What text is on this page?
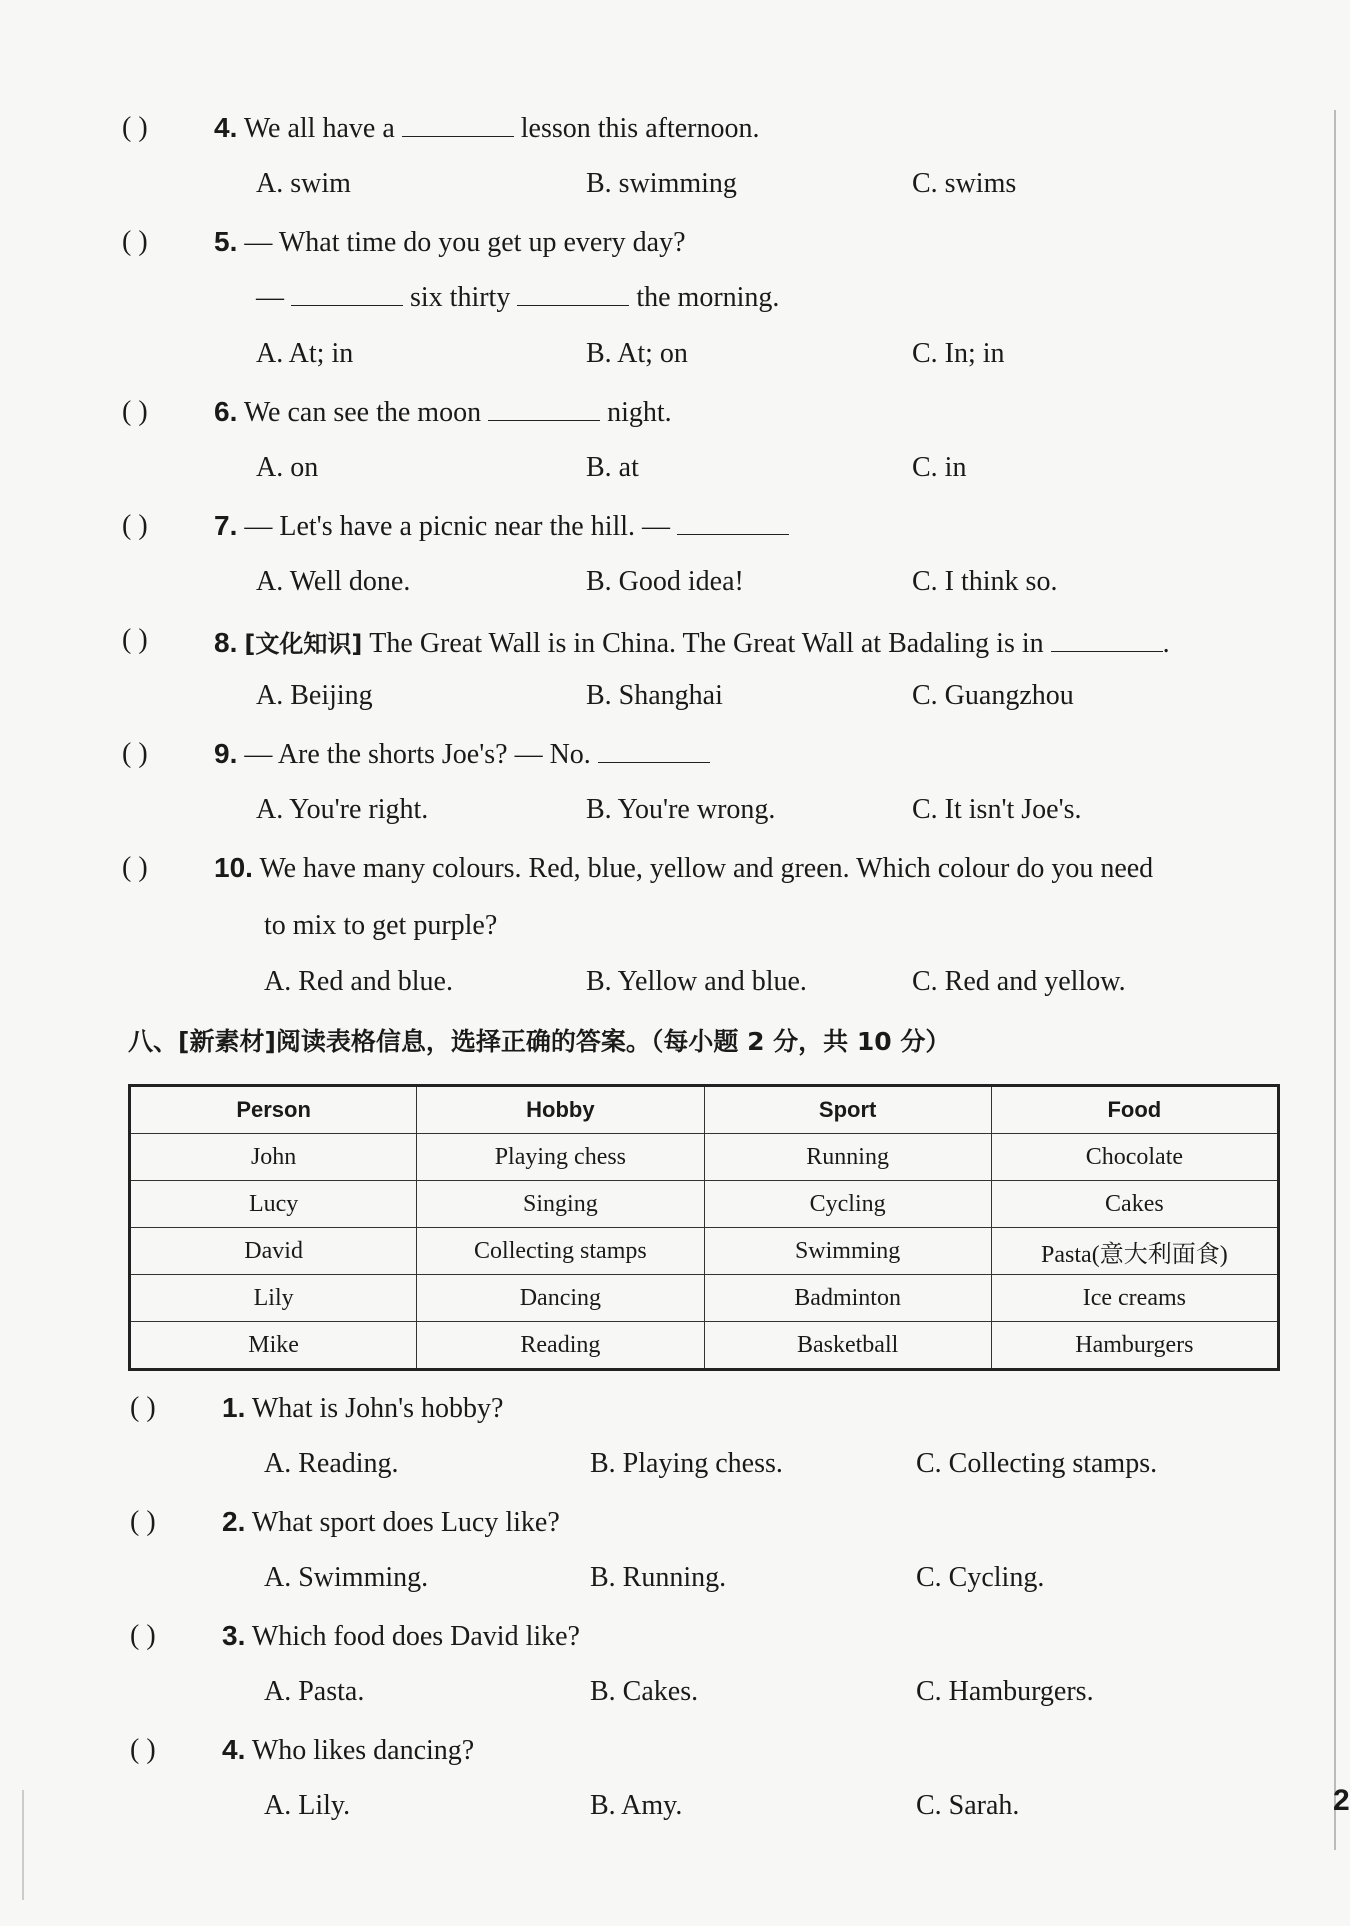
( ) 4. We all have a	lesson this afternoon.
A. swim	B. swimming	C. swims
( ) 5. — What time do you get up every day?
—	six thirty	the morning.
A. At; in	B. At; on	C. In; in
( ) 6. We can see the moon	night.
A. on	B. at	C. in
( ) 7. — Let's have a picnic near the hill. —
A. Well done.	B. Good idea!	C. I think so.
( ) 8. [文化知识] The Great Wall is in China. The Great Wall at Badaling is in	.
A. Beijing	B. Shanghai	C. Guangzhou
( ) 9. — Are the shorts Joe's? — No.
A. You're right.	B. You're wrong.	C. It isn't Joe's.
( ) 10. We have many colours. Red, blue, yellow and green. Which colour do you need
to mix to get purple?
A. Red and blue.	B. Yellow and blue.	C. Red and yellow.
八、[新素材]阅读表格信息，选择正确的答案。（每小题 2 分，共 10 分）
Person	Hobby	Sport	Food
John	Playing chess	Running	Chocolate
Lucy	Singing	Cycling	Cakes
David	Collecting stamps	Swimming	Pasta(意大利面食)
Lily	Dancing	Badminton	Ice creams
Mike	Reading	Basketball	Hamburgers
( ) 1. What is John's hobby?
A. Reading.	B. Playing chess.	C. Collecting stamps.
( ) 2. What sport does Lucy like?
A. Swimming.	B. Running.	C. Cycling.
( ) 3. Which food does David like?
A. Pasta.	B. Cakes.	C. Hamburgers.
( ) 4. Who likes dancing?
A. Lily.	B. Amy.	C. Sarah.	2
